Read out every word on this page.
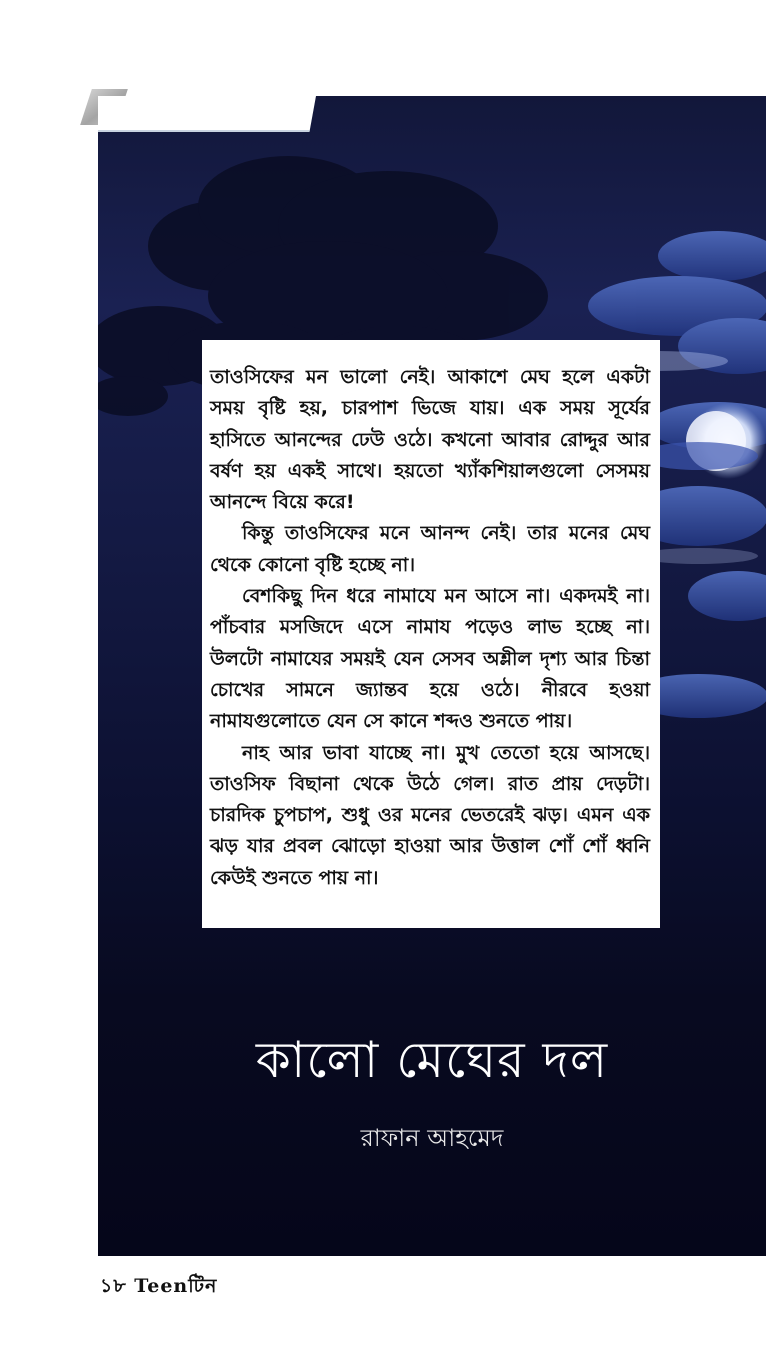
তাওসিফের মন ভালো নেই। আকাশে মেঘ হলে একটা সময় বৃষ্টি হয়, চারপাশ ভিজে যায়। এক সময় সূর্যের হাসিতে আনন্দের ঢেউ ওঠে। কখনো আবার রোদ্দুর আর বর্ষণ হয় একই সাথে। হয়তো খ্যাঁকশিয়ালগুলো সেসময় আনন্দে বিয়ে করে!

কিন্তু তাওসিফের মনে আনন্দ নেই। তার মনের মেঘ থেকে কোনো বৃষ্টি হচ্ছে না।

বেশকিছু দিন ধরে নামাযে মন আসে না। একদমই না। পাঁচবার মসজিদে এসে নামায পড়েও লাভ হচ্ছে না। উলটো নামাযের সময়ই যেন সেসব অশ্লীল দৃশ্য আর চিন্তা চোখের সামনে জ্যান্তব হয়ে ওঠে। নীরবে হওয়া নামাযগুলোতে যেন সে কানে শব্দও শুনতে পায়।

নাহ আর ভাবা যাচ্ছে না। মুখ তেতো হয়ে আসছে। তাওসিফ বিছানা থেকে উঠে গেল। রাত প্রায় দেড়টা। চারদিক চুপচাপ, শুধু ওর মনের ভেতরেই ঝড়। এমন এক ঝড় যার প্রবল ঝোড়ো হাওয়া আর উত্তাল শোঁ শোঁ ধ্বনি কেউই শুনতে পায় না।

কালো মেঘের দল
রাফান আহমেদ
১৮ Teenটিন
